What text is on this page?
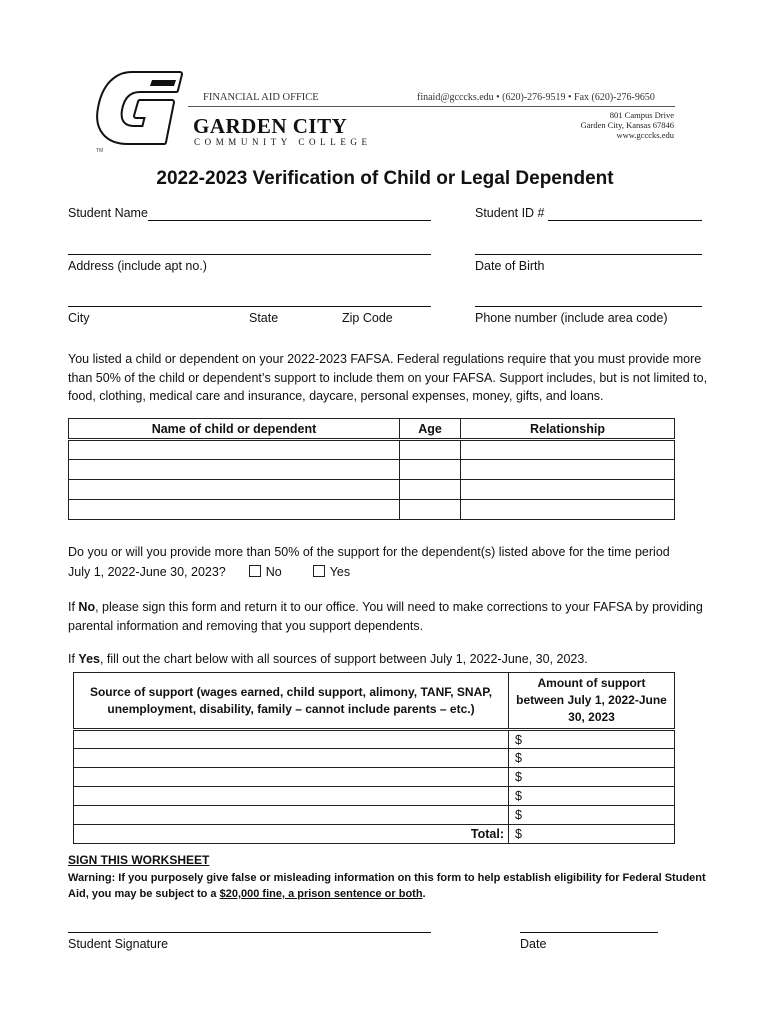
TM
FINANCIAL AID OFFICE	finaid@gcccks.edu • (620)-276-9519 • Fax (620)-276-9650
GARDEN CITY
COMMUNITY COLLEGE
801 Campus Drive
Garden City, Kansas 67846
www.gcccks.edu
2022-2023 Verification of Child or Legal Dependent
Student Name	Student ID #
Address (include apt no.)	Date of Birth
City	State	Zip Code	Phone number (include area code)
You listed a child or dependent on your 2022-2023 FAFSA. Federal regulations require that you must provide more than 50% of the child or dependent’s support to include them on your FAFSA. Support includes, but is not limited to, food, clothing, medical care and insurance, daycare, personal expenses, money, gifts, and loans.
Name of child or dependent	Age	Relationship

Do you or will you provide more than 50% of the support for the dependent(s) listed above for the time period
July 1, 2022-June 30, 2023?	No	Yes
If No, please sign this form and return it to our office. You will need to make corrections to your FAFSA by providing parental information and removing that you support dependents.
If Yes, fill out the chart below with all sources of support between July 1, 2022-June, 30, 2023.
Source of support (wages earned, child support, alimony, TANF, SNAP, unemployment, disability, family – cannot include parents – etc.)	Amount of support between July 1, 2022-June 30, 2023
	$
	$
	$
	$
	$
Total:	$
SIGN THIS WORKSHEET
Warning: If you purposely give false or misleading information on this form to help establish eligibility for Federal Student Aid, you may be subject to a $20,000 fine, a prison sentence or both.
Student Signature	Date
